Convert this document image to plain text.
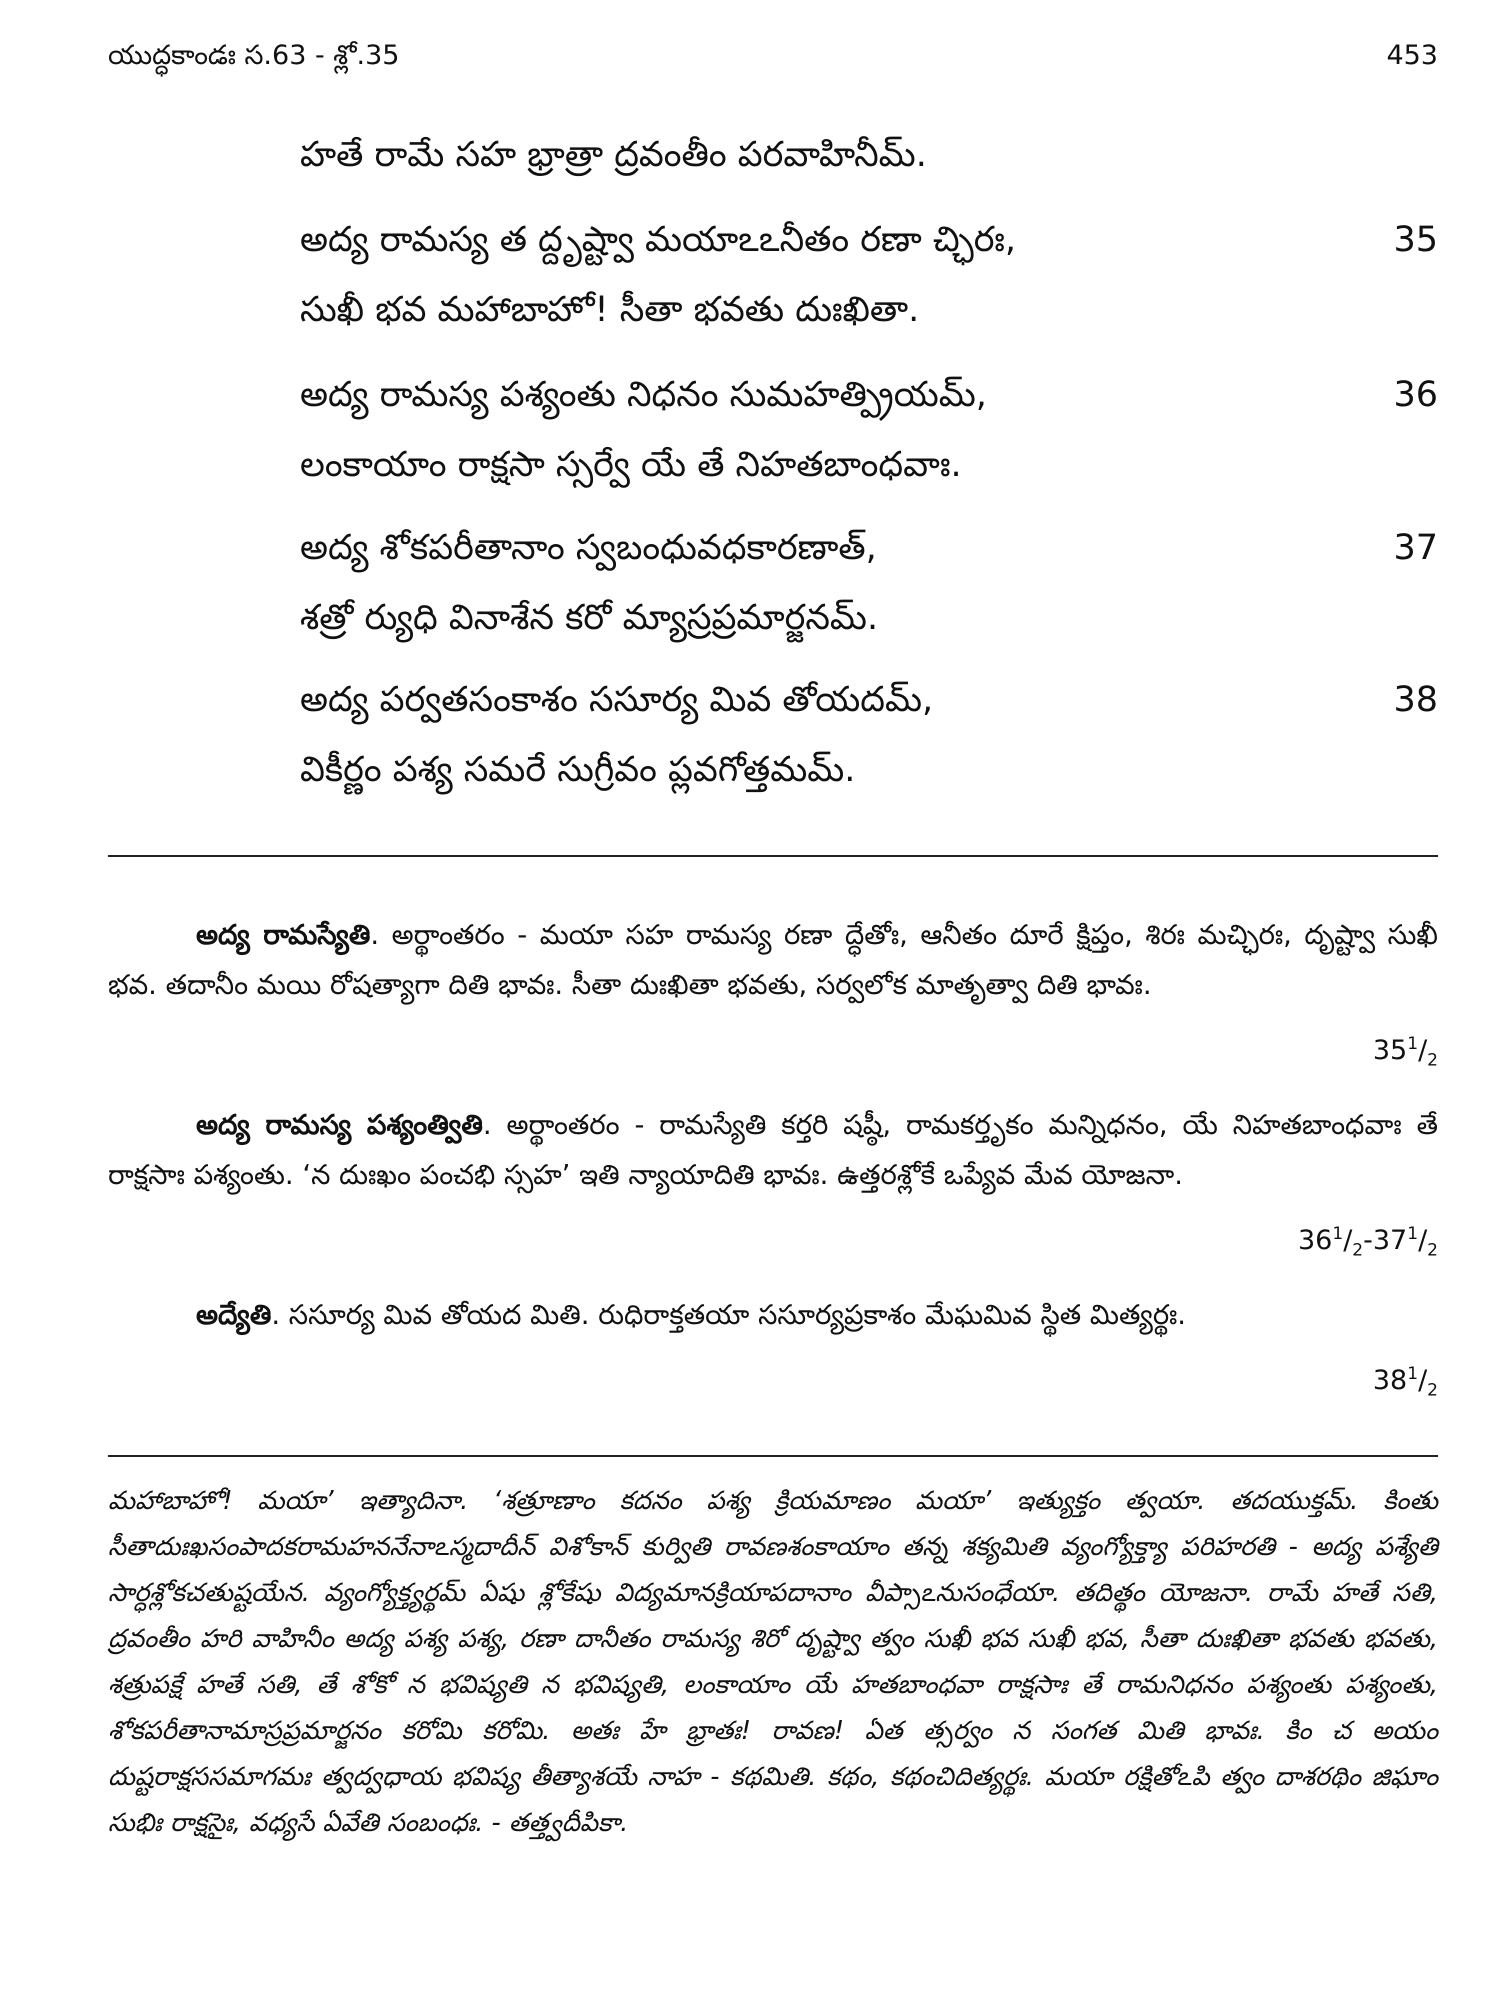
యుద్ధకాండః స.63 - శ్లో.35	453
హతే రామే సహ భ్రాత్రా ద్రవంతీం పరవాహినీమ్.
అద్య రామస్య త ద్దృష్ట్వా మయాఽఽనీతం రణా చ్ఛిరః,
సుఖీ భవ మహాబాహో! సీతా భవతు దుఃఖితా.
35
అద్య రామస్య పశ్యంతు నిధనం సుమహత్ప్రియమ్,
లంకాయాం రాక్షసా స్సర్వే యే తే నిహతబాంధవాః.
36
అద్య శోకపరీతానాం స్వబంధువధకారణాత్,
శత్రో ర్యుధి వినాశేన కరో మ్యాస్రప్రమార్జనమ్.
37
అద్య పర్వతసంకాశం ససూర్య మివ తోయదమ్,
వికీర్ణం పశ్య సమరే సుగ్రీవం ప్లవగోత్తమమ్.
38

అద్య రామస్యేతి. అర్థాంతరం - మయా సహ రామస్య రణా ద్ధేతోః, ఆనీతం దూరే క్షిప్తం, శిరః మచ్ఛిరః, దృష్ట్వా సుఖీ భవ. తదానీం మయి రోషత్యాగా దితి భావః. సీతా దుఃఖితా భవతు, సర్వలోక మాతృత్వా దితి భావః.

$35^1/_2$

అద్య రామస్య పశ్యంత్వితి. అర్థాంతరం - రామస్యేతి కర్తరి షష్ఠీ, రామకర్తృకం మన్నిధనం, యే నిహతబాంధవాః తే రాక్షసాః పశ్యంతు. ‘న దుఃఖం పంచభి స్సహ’ ఇతి న్యాయాదితి భావః. ఉత్తరశ్లోకే ఒప్యేవ మేవ యోజనా.

$36^1/_2-37^1/_2$

అద్యేతి. ససూర్య మివ తోయద మితి. రుధిరాక్తతయా ససూర్యప్రకాశం మేఘమివ స్థిత మిత్యర్థః.

$38^1/_2$
మహాబాహో! మయా’ ఇత్యాదినా. ‘శత్రూణాం కదనం పశ్య క్రియమాణం మయా’ ఇత్యుక్తం త్వయా. తదయుక్తమ్. కింతు సీతాదుఃఖసంపాదకరామహననేనాఽస్మదాదీన్ విశోకాన్ కుర్వితి రావణశంకాయాం తన్న శక్యమితి వ్యంగ్యోక్త్యా పరిహరతి - అద్య పశ్యేతి సార్ధశ్లోకచతుష్టయేన. వ్యంగ్యోక్త్యర్థమ్ ఏషు శ్లోకేషు విద్యమానక్రియాపదానాం వీప్సాఽనుసంధేయా. తదిత్థం యోజనా. రామే హతే సతి, ద్రవంతీం హరి వాహినీం అద్య పశ్య పశ్య, రణా దానీతం రామస్య శిరో దృష్ట్వా త్వం సుఖీ భవ సుఖీ భవ, సీతా దుఃఖితా భవతు భవతు, శత్రుపక్షే హతే సతి, తే శోకో న భవిష్యతి న భవిష్యతి, లంకాయాం యే హతబాంధవా రాక్షసాః తే రామనిధనం పశ్యంతు పశ్యంతు, శోకపరీతానామాస్రప్రమార్జనం కరోమి కరోమి. అతః హే భ్రాతః! రావణ! ఏత త్సర్వం న సంగత మితి భావః. కిం చ అయం దుష్టరాక్షససమాగమః త్వద్వధాయ భవిష్య తీత్యాశయే నాహ - కథమితి. కథం, కథంచిదిత్యర్థః. మయా రక్షితోఽపి త్వం దాశరథిం జిఘాం సుభిః రాక్షసైః, వధ్యసే ఏవేతి సంబంధః. - తత్త్వదీపికా.
